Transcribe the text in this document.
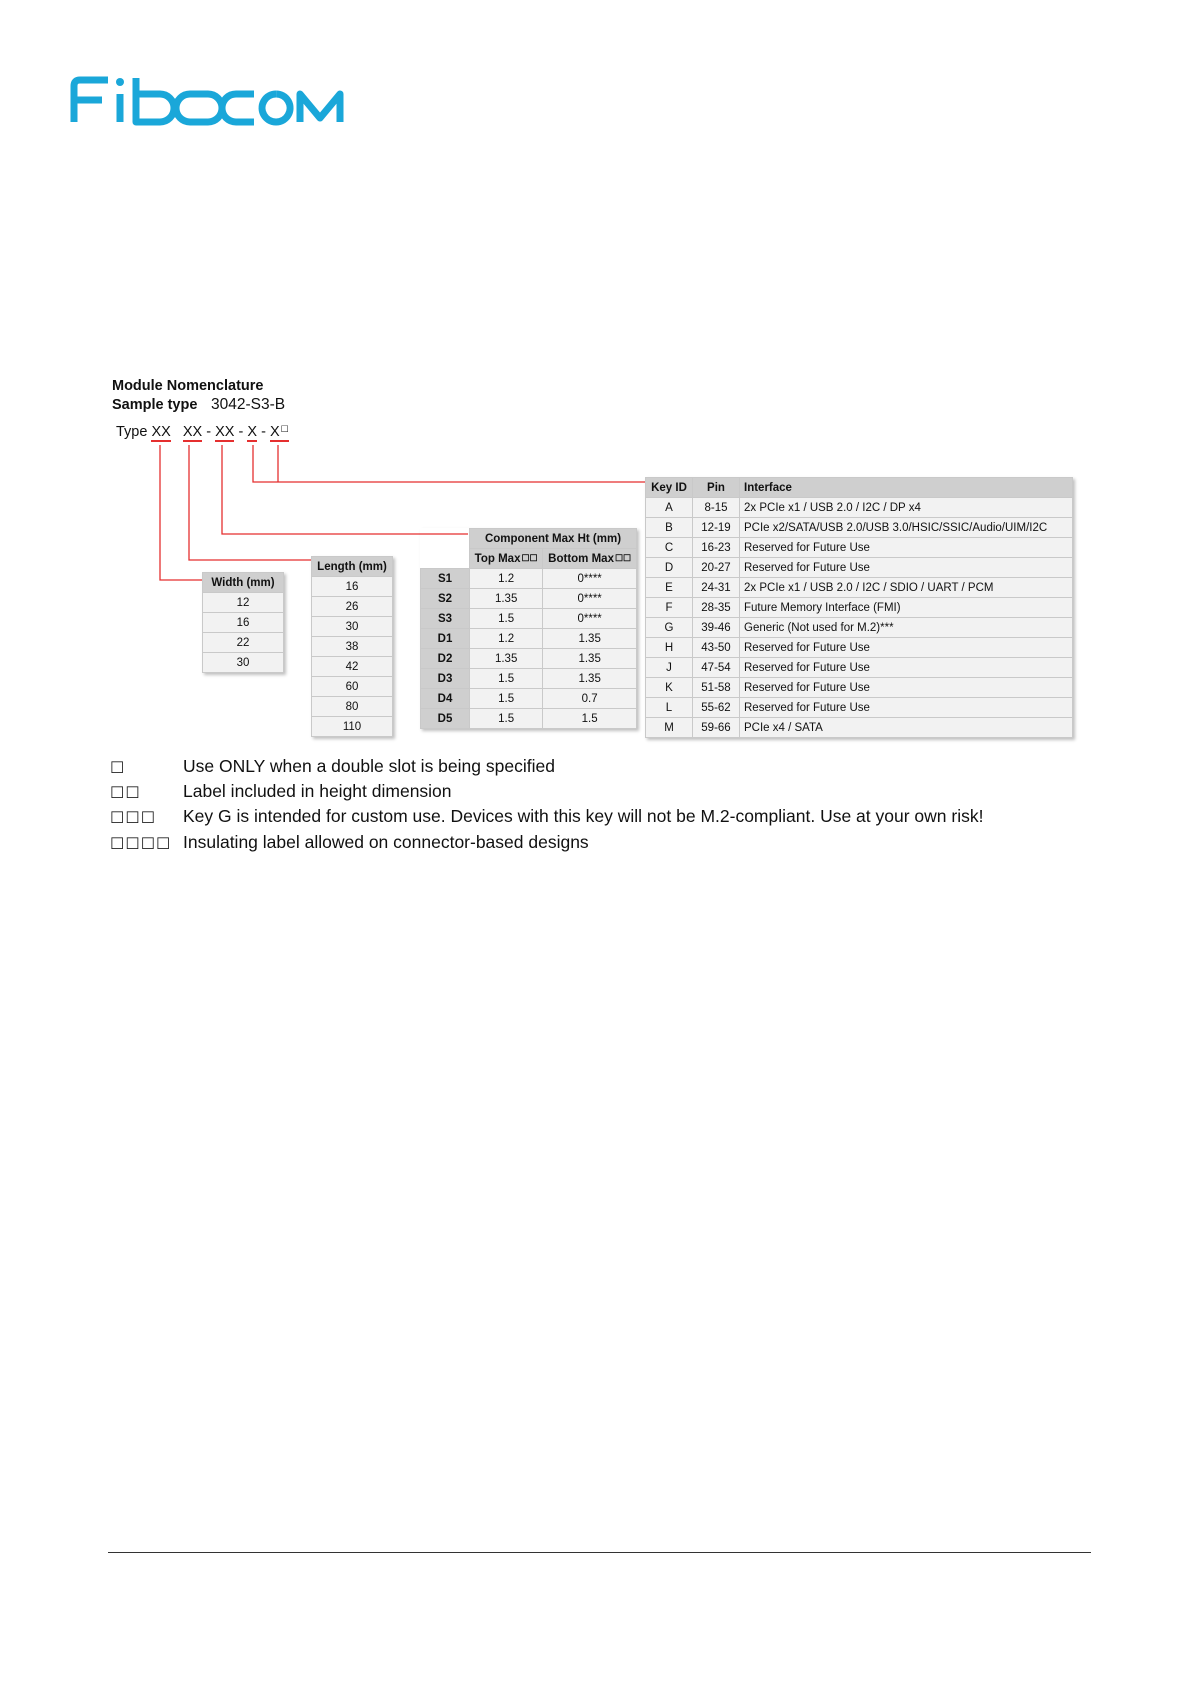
Module Nomenclature
Sample type 3042-S3-B
Type XX XX - XX - X - X☐
Width (mm)
12
16
22
30
Length (mm)
16
26
30
38
42
60
80
110
	Component Max Ht (mm)	
	Top Max☐☐	Bottom Max☐☐
S1	1.2	0****
S2	1.35	0****
S3	1.5	0****
D1	1.2	1.35
D2	1.35	1.35
D3	1.5	1.35
D4	1.5	0.7
D5	1.5	1.5
Key ID	Pin	Interface
A	8-15	2x PCIe x1 / USB 2.0 / I2C / DP x4
B	12-19	PCIe x2/SATA/USB 2.0/USB 3.0/HSIC/SSIC/Audio/UIM/I2C
C	16-23	Reserved for Future Use
D	20-27	Reserved for Future Use
E	24-31	2x PCIe x1 / USB 2.0 / I2C / SDIO / UART / PCM
F	28-35	Future Memory Interface (FMI)
G	39-46	Generic (Not used for M.2)***
H	43-50	Reserved for Future Use
J	47-54	Reserved for Future Use
K	51-58	Reserved for Future Use
L	55-62	Reserved for Future Use
M	59-66	PCIe x4 / SATA
☐	Use ONLY when a double slot is being specified
☐☐ Label included in height dimension
☐☐☐ Key G is intended for custom use. Devices with this key will not be M.2-compliant. Use at your own risk!
☐☐☐☐ Insulating label allowed on connector-based designs
